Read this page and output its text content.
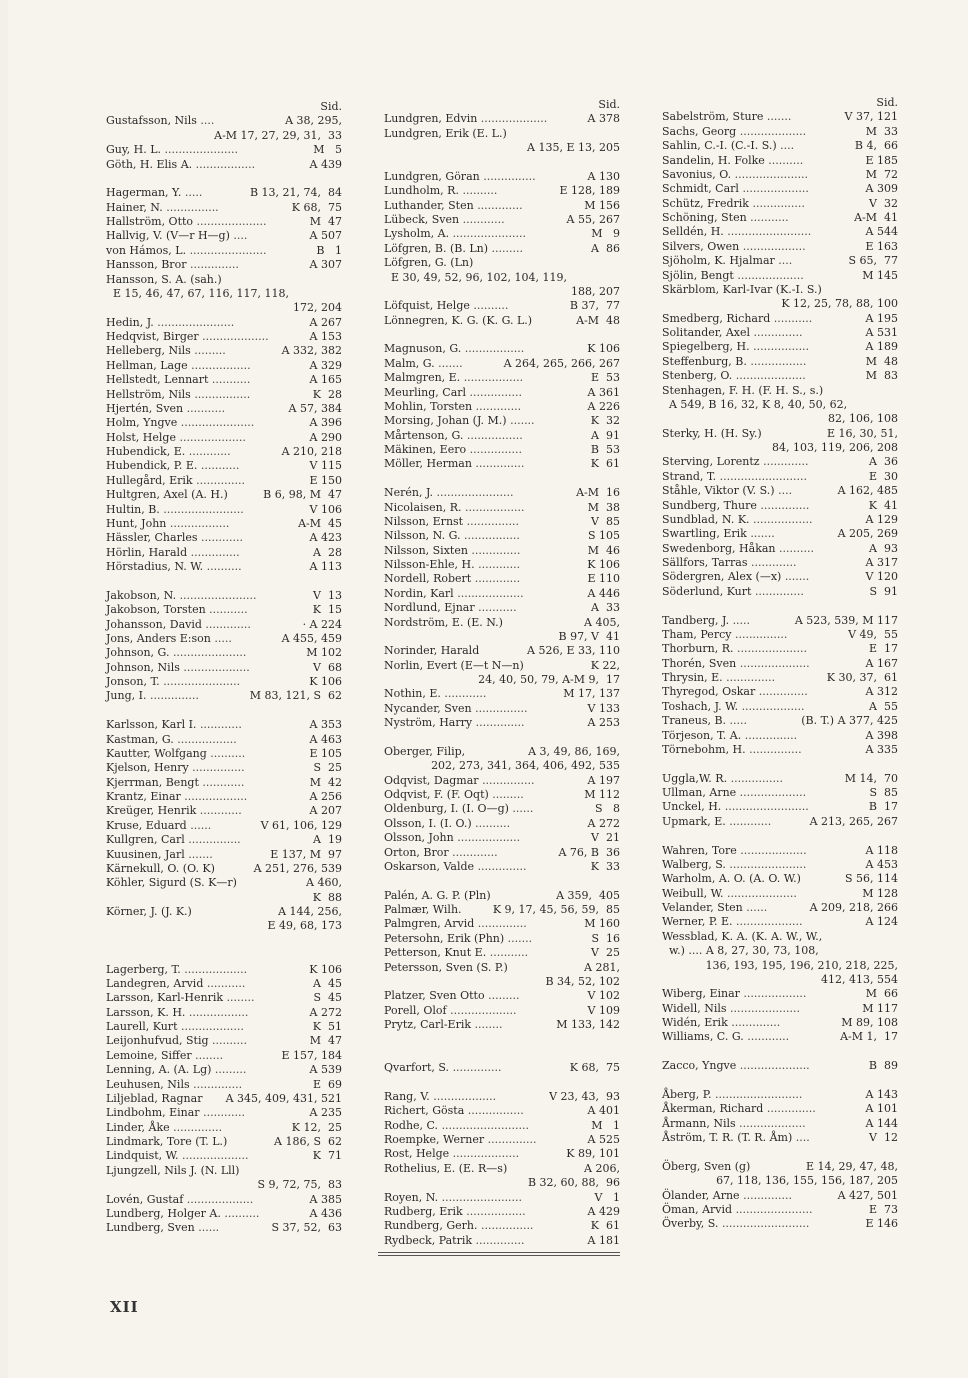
Sid.
Gustafsson, Nils ....	A 38, 295,
A-M 17, 27, 29, 31,  33
Guy, H. L. .....................	M   5
Göth, H. Elis A. .................	A 439
Hagerman, Y. .....	B 13, 21, 74,  84
Hainer, N. ...............	K 68,  75
Hallström, Otto ....................	M  47
Hallvig, V. (V—r H—g) ....	A 507
von Hámos, L. ......................	B   1
Hansson, Bror ..............	A 307
Hansson, S. A. (sah.)
E 15, 46, 47, 67, 116, 117, 118,
172, 204
Hedin, J. ......................	A 267
Hedqvist, Birger ...................	A 153
Helleberg, Nils .........	A 332, 382
Hellman, Lage .................	A 329
Hellstedt, Lennart ...........	A 165
Hellström, Nils ................	K  28
Hjertén, Sven ...........	A 57, 384
Holm, Yngve .....................	A 396
Holst, Helge ...................	A 290
Hubendick, E. ............	A 210, 218
Hubendick, P. E. ...........	V 115
Hullegård, Erik ..............	E 150
Hultgren, Axel (A. H.)	B 6, 98, M  47
Hultin, B. .......................	V 106
Hunt, John .................	A-M  45
Hässler, Charles ............	A 423
Hörlin, Harald ..............	A  28
Hörstadius, N. W. ..........	A 113
Jakobson, N. ......................	V  13
Jakobson, Torsten ...........	K  15
Johansson, David .............	· A 224
Jons, Anders E:son .....	A 455, 459
Johnson, G. .....................	M 102
Johnson, Nils ...................	V  68
Jonson, T. ......................	K 106
Jung, I. ..............	M 83, 121, S  62
Karlsson, Karl I. ............	A 353
Kastman, G. .................	A 463
Kautter, Wolfgang ..........	E 105
Kjelson, Henry ...............	S  25
Kjerrman, Bengt ............	M  42
Krantz, Einar ..................	A 256
Kreüger, Henrik ............	A 207
Kruse, Eduard ......	V 61, 106, 129
Kullgren, Carl ...............	A  19
Kuusinen, Jarl .......	E 137, M  97
Kärnekull, O. (O. K)	A 251, 276, 539
Köhler, Sigurd (S. K—r)	A 460,
K  88
Körner, J. (J. K.)	A 144, 256,
E 49, 68, 173
Lagerberg, T. ..................	K 106
Landegren, Arvid ...........	A  45
Larsson, Karl-Henrik ........	S  45
Larsson, K. H. .................	A 272
Laurell, Kurt ..................	K  51
Leijonhufvud, Stig ..........	M  47
Lemoine, Siffer ........	E 157, 184
Lenning, A. (A. Lg) .........	A 539
Leuhusen, Nils ..............	E  69
Liljeblad, Ragnar A 345, 409, 431, 521
Lindbohm, Einar ............	A 235
Linder, Åke ..............	K 12,  25
Lindmark, Tore (T. L.)	A 186, S  62
Lindquist, W. ...................	K  71
Ljungzell, Nils J. (N. Lll)
S 9, 72, 75,  83
Lovén, Gustaf ...................	A 385
Lundberg, Holger A. ..........	A 436
Lundberg, Sven ......	S 37, 52,  63
Sid.
Lundgren, Edvin ...................	A 378
Lundgren, Erik (E. L.)
A 135, E 13, 205
Lundgren, Göran ...............	A 130
Lundholm, R. ..........	E 128, 189
Luthander, Sten .............	M 156
Lübeck, Sven ............	A 55, 267
Lysholm, A. .....................	M   9
Löfgren, B. (B. Ln) .........	A  86
Löfgren, G. (Ln)
E 30, 49, 52, 96, 102, 104, 119,
188, 207
Löfquist, Helge ..........	B 37,  77
Lönnegren, K. G. (K. G. L.)	A-M  48
Magnuson, G. .................	K 106
Malm, G. .......	A 264, 265, 266, 267
Malmgren, E. .................	E  53
Meurling, Carl ...............	A 361
Mohlin, Torsten .............	A 226
Morsing, Johan (J. M.) .......	K  32
Mårtenson, G. ................	A  91
Mäkinen, Eero ...............	B  53
Möller, Herman ..............	K  61
Nerén, J. ......................	A-M  16
Nicolaisen, R. .................	M  38
Nilsson, Ernst ...............	V  85
Nilsson, N. G. ................	S 105
Nilsson, Sixten ..............	M  46
Nilsson-Ehle, H. ............	K 106
Nordell, Robert .............	E 110
Nordin, Karl ...................	A 446
Nordlund, Ejnar ...........	A  33
Nordström, E. (E. N.)	A 405,
B 97, V  41
Norinder, Harald	A 526, E 33, 110
Norlin, Evert (E—t N—n)	K 22,
24, 40, 50, 79, A-M 9,  17
Nothin, E. ............	M 17, 137
Nycander, Sven ...............	V 133
Nyström, Harry ..............	A 253
Oberger, Filip,	A 3, 49, 86, 169,
202, 273, 341, 364, 406, 492, 535
Odqvist, Dagmar ...............	A 197
Odqvist, F. (F. Oqt) .........	M 112
Oldenburg, I. (I. O—g) ......	S   8
Olsson, I. (I. O.) ..........	A 272
Olsson, John ..................	V  21
Orton, Bror .............	A 76, B  36
Oskarson, Valde ..............	K  33
Palén, A. G. P. (Pln)	A 359,  405
Palmær, Wilh.	K 9, 17, 45, 56, 59,  85
Palmgren, Arvid ..............	M 160
Petersohn, Erik (Phn) .......	S  16
Petterson, Knut E. ...........	V  25
Petersson, Sven (S. P.)	A 281,
B 34, 52, 102
Platzer, Sven Otto .........	V 102
Porell, Olof ...................	V 109
Prytz, Carl-Erik ........	M 133, 142
Qvarfort, S. ..............	K 68,  75
Rang, V. ..................	V 23, 43,  93
Richert, Gösta ................	A 401
Rodhe, C. .........................	M   1
Roempke, Werner ..............	A 525
Rost, Helge ...................	K 89, 101
Rothelius, E. (E. R—s)	A 206,
B 32, 60, 88,  96
Royen, N. .......................	V   1
Rudberg, Erik .................	A 429
Rundberg, Gerh. ...............	K  61
Rydbeck, Patrik ..............	A 181
Sid.
Sabelström, Sture .......	V 37, 121
Sachs, Georg ...................	M  33
Sahlin, C.-I. (C.-I. S.) ....	B 4,  66
Sandelin, H. Folke ..........	E 185
Savonius, O. .....................	M  72
Schmidt, Carl ...................	A 309
Schütz, Fredrik ...............	V  32
Schöning, Sten ...........	A-M  41
Selldén, H. ........................	A 544
Silvers, Owen ..................	E 163
Sjöholm, K. Hjalmar ....	S 65,  77
Sjölin, Bengt ...................	M 145
Skärblom, Karl-Ivar (K.-I. S.)
K 12, 25, 78, 88, 100
Smedberg, Richard ...........	A 195
Solitander, Axel ..............	A 531
Spiegelberg, H. ................	A 189
Steffenburg, B. ................	M  48
Stenberg, O. ....................	M  83
Stenhagen, F. H. (F. H. S., s.)
A 549, B 16, 32, K 8, 40, 50, 62,
82, 106, 108
Sterky, H. (H. Sy.)	E 16, 30, 51,
84, 103, 119, 206, 208
Sterving, Lorentz .............	A  36
Strand, T. .........................	E  30
Ståhle, Viktor (V. S.) ....	A 162, 485
Sundberg, Thure ..............	K  41
Sundblad, N. K. .................	A 129
Swartling, Erik .......	A 205, 269
Swedenborg, Håkan ..........	A  93
Sällfors, Tarras .............	A 317
Södergren, Alex (—x) .......	V 120
Söderlund, Kurt ..............	S  91
Tandberg, J. .....	A 523, 539, M 117
Tham, Percy ...............	V 49,  55
Thorburn, R. ....................	E  17
Thorén, Sven ....................	A 167
Thrysin, E. ..............	K 30, 37,  61
Thyregod, Oskar ..............	A 312
Toshach, J. W. ..................	A  55
Traneus, B. .....	(B. T.) A 377, 425
Törjeson, T. A. ...............	A 398
Törnebohm, H. ...............	A 335
Uggla,W. R. ...............	M 14,  70
Ullman, Arne ...................	S  85
Unckel, H. ........................	B  17
Upmark, E. ............	A 213, 265, 267
Wahren, Tore ...................	A 118
Walberg, S. ......................	A 453
Warholm, A. O. (A. O. W.)	S 56, 114
Weibull, W. ....................	M 128
Velander, Sten ......	A 209, 218, 266
Werner, P. E. ...................	A 124
Wessblad, K. A. (K. A. W., W.,
w.) .... A 8, 27, 30, 73, 108,
136, 193, 195, 196, 210, 218, 225,
412, 413, 554
Wiberg, Einar ..................	M  66
Widell, Nils ....................	M 117
Widén, Erik ..............	M 89, 108
Williams, C. G. ............	A-M 1,  17
Zacco, Yngve ....................	B  89
Åberg, P. .........................	A 143
Åkerman, Richard ..............	A 101
Årmann, Nils ...................	A 144
Åström, T. R. (T. R. Åm) ....	V  12
Öberg, Sven (g)	E 14, 29, 47, 48,
67, 118, 136, 155, 156, 187, 205
Ölander, Arne ..............	A 427, 501
Öman, Arvid ......................	E  73
Överby, S. .........................	E 146
XII
